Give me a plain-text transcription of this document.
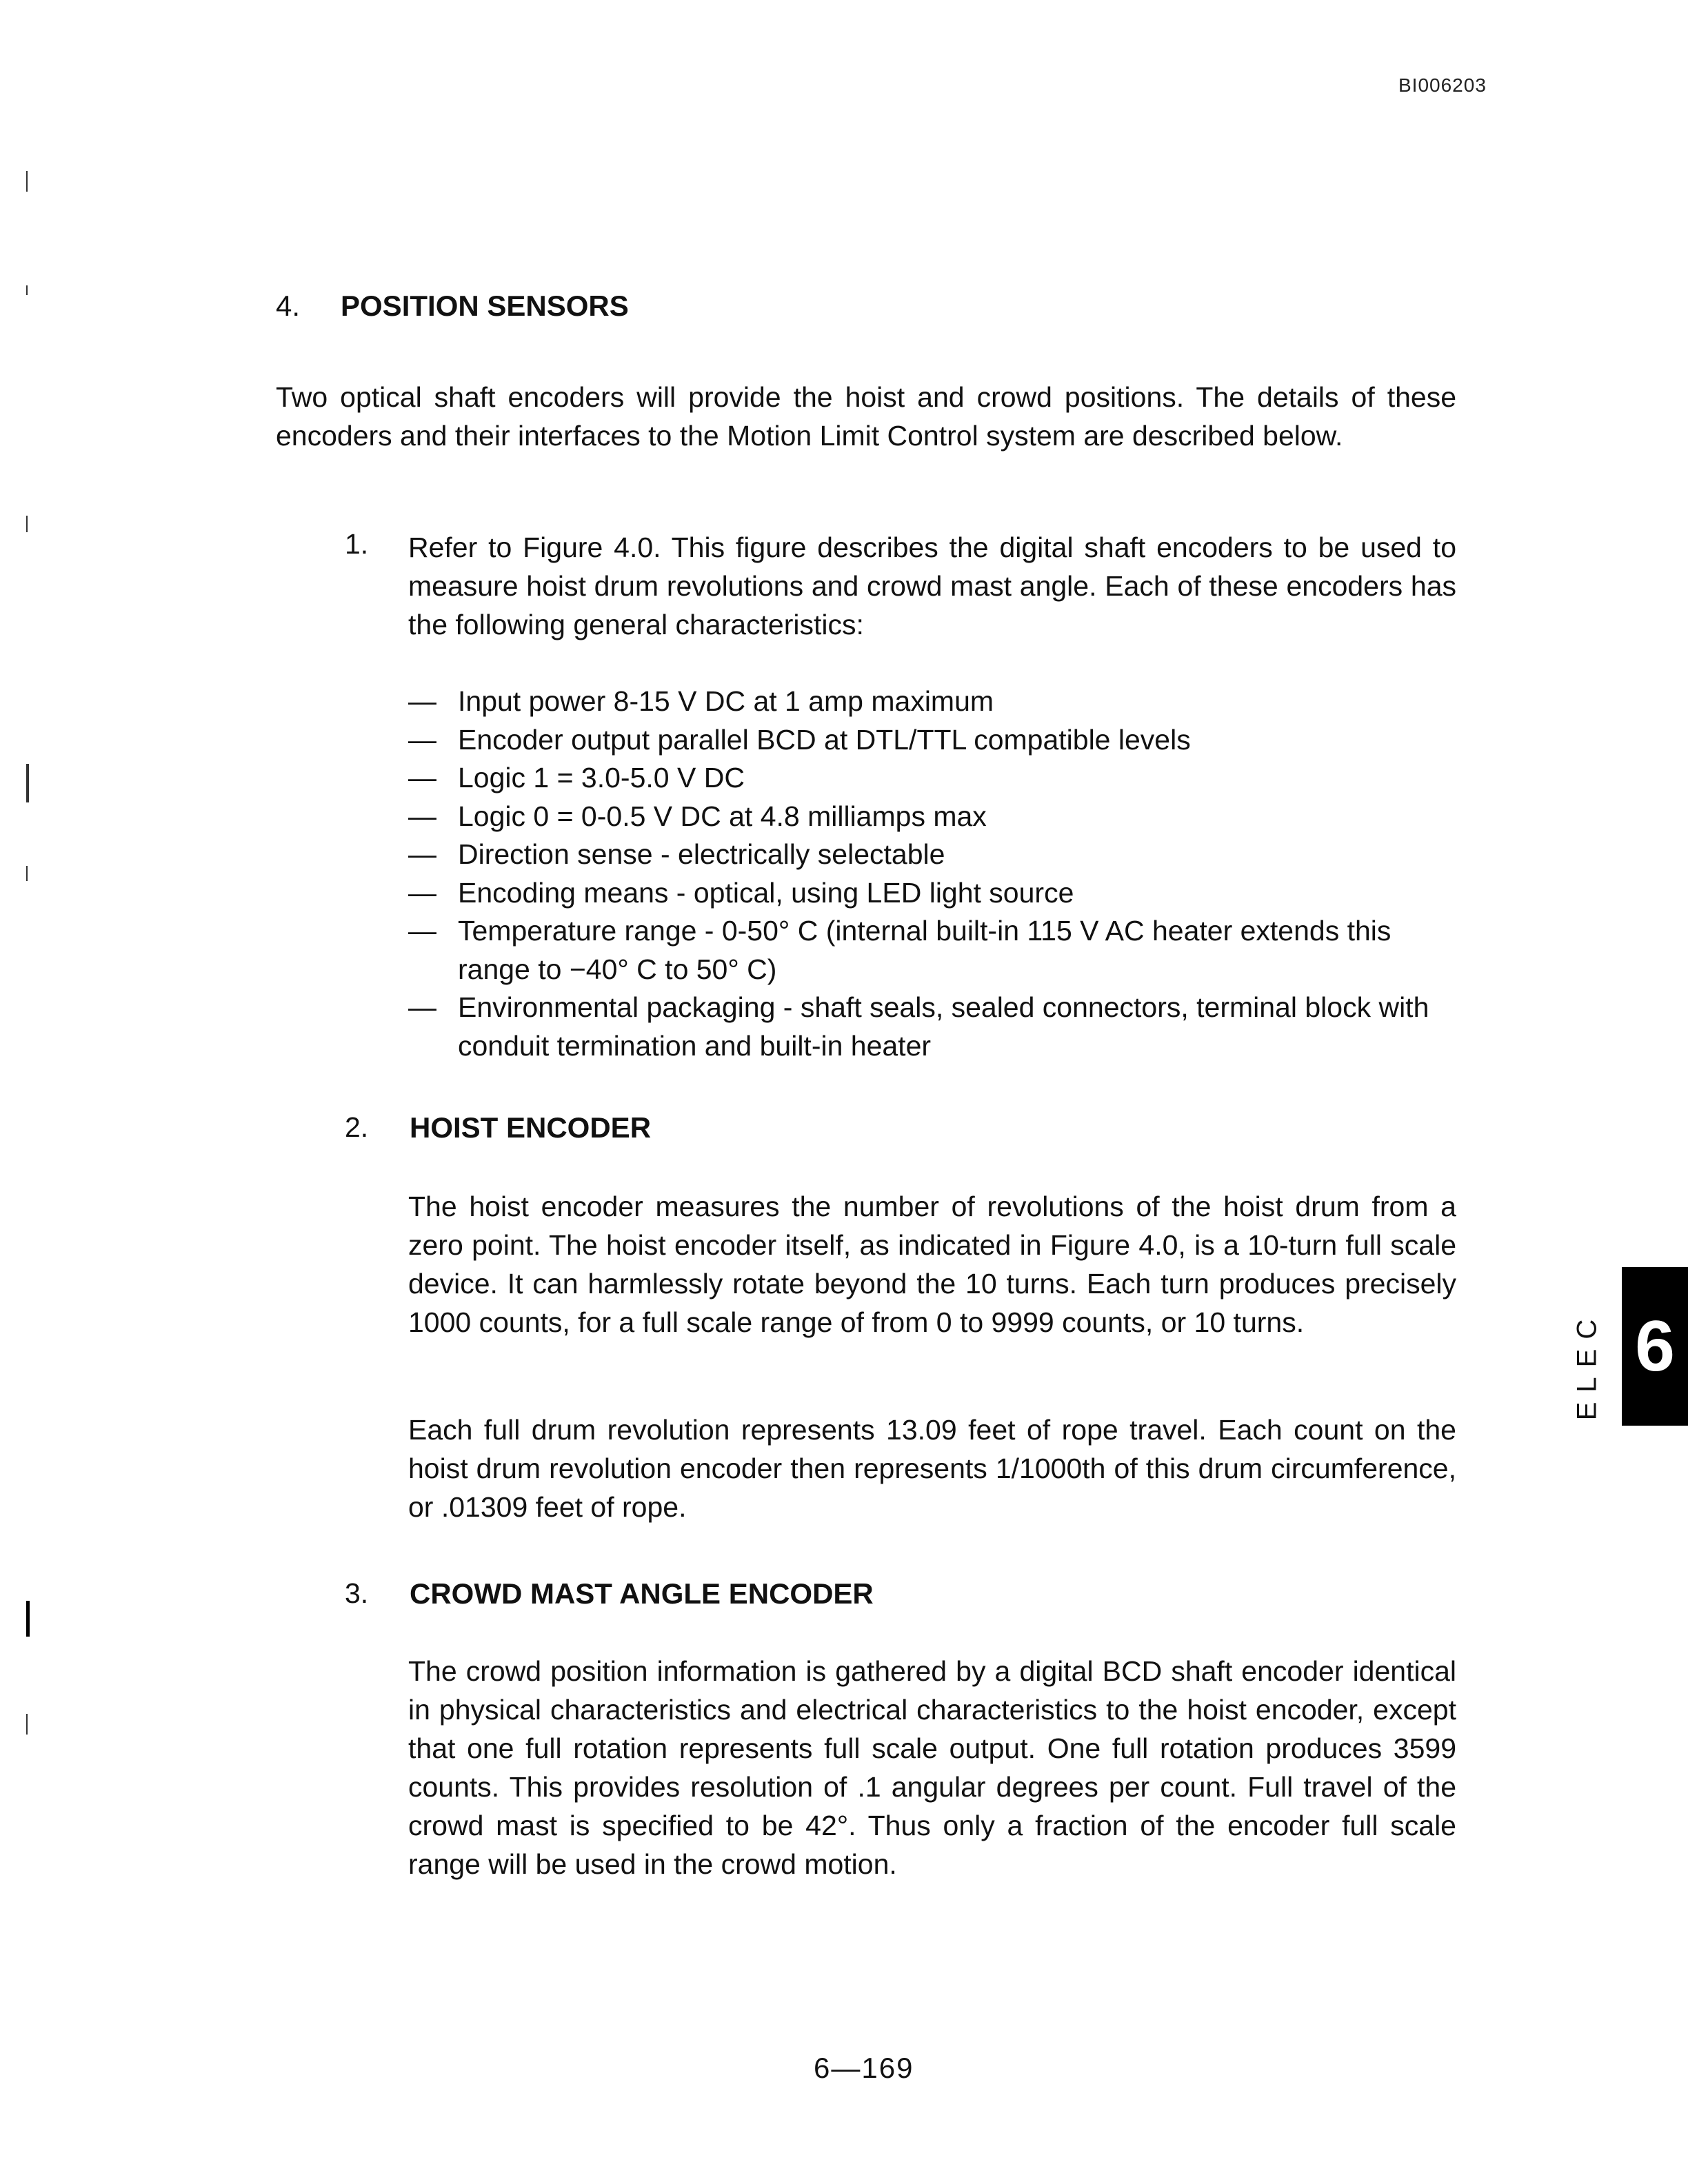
BI006203
4. POSITION SENSORS

Two optical shaft encoders will provide the hoist and crowd positions. The details of these encoders and their interfaces to the Motion Limit Control system are described below.

1. Refer to Figure 4.0. This figure describes the digital shaft encoders to be used to measure hoist drum revolutions and crowd mast angle. Each of these encoders has the following general characteristics:

— Input power 8-15 V DC at 1 amp maximum
— Encoder output parallel BCD at DTL/TTL compatible levels
— Logic 1 = 3.0-5.0 V DC
— Logic 0 = 0-0.5 V DC at 4.8 milliamps max
— Direction sense - electrically selectable
— Encoding means - optical, using LED light source
— Temperature range - 0-50° C (internal built-in 115 V AC heater extends this range to −40° C to 50° C)
— Environmental packaging - shaft seals, sealed connectors, terminal block with conduit termination and built-in heater
2. HOIST ENCODER

The hoist encoder measures the number of revolutions of the hoist drum from a zero point. The hoist encoder itself, as indicated in Figure 4.0, is a 10-turn full scale device. It can harmlessly rotate beyond the 10 turns. Each turn produces precisely 1000 counts, for a full scale range of from 0 to 9999 counts, or 10 turns.

Each full drum revolution represents 13.09 feet of rope travel. Each count on the hoist drum revolution encoder then represents 1/1000th of this drum circumference, or .01309 feet of rope.

3. CROWD MAST ANGLE ENCODER

The crowd position information is gathered by a digital BCD shaft encoder identical in physical characteristics and electrical characteristics to the hoist encoder, except that one full rotation represents full scale output. One full rotation produces 3599 counts. This provides resolution of .1 angular degrees per count. Full travel of the crowd mast is specified to be 42°. Thus only a fraction of the encoder full scale range will be used in the crowd motion.

ELEC 6
6—169
